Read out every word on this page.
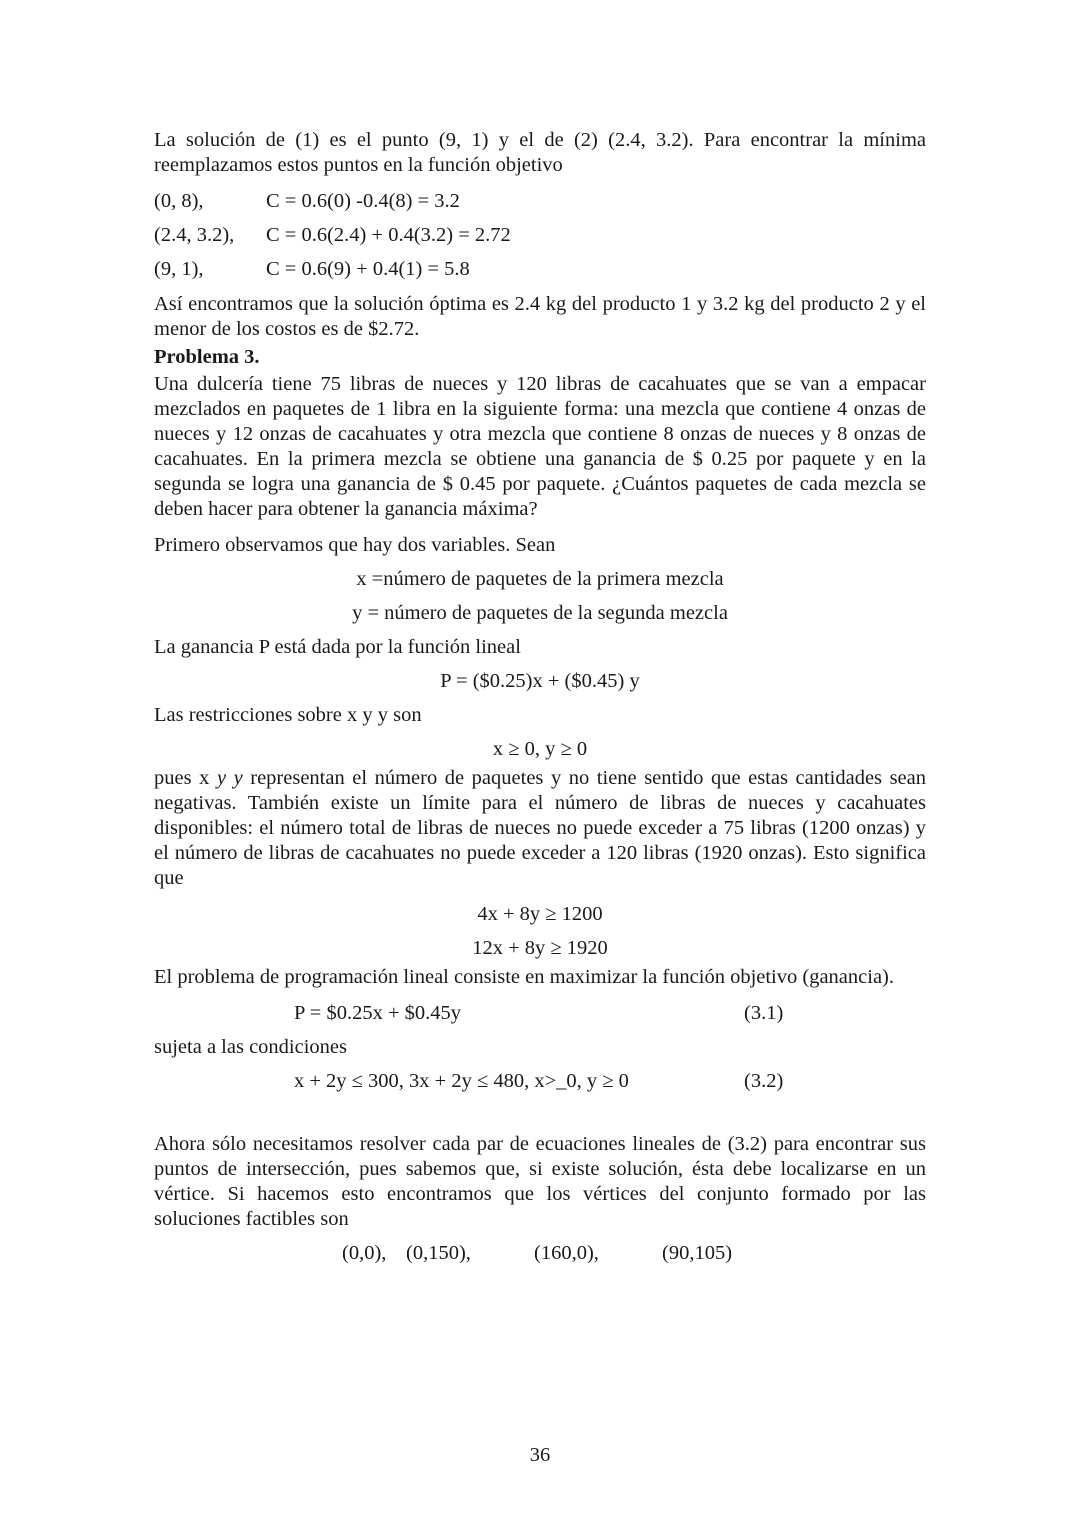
La solución de (1) es el punto (9, 1) y el de (2) (2.4, 3.2). Para encontrar la mínima reemplazamos estos puntos en la función objetivo

(0, 8),	C = 0.6(0) -0.4(8) = 3.2
(2.4, 3.2),	C = 0.6(2.4) + 0.4(3.2) = 2.72
(9, 1),	C = 0.6(9) + 0.4(1) = 5.8

Así encontramos que la solución óptima es 2.4 kg del producto 1 y 3.2 kg del producto 2 y el menor de los costos es de $2.72.

Problema 3.

Una dulcería tiene 75 libras de nueces y 120 libras de cacahuates que se van a empacar mezclados en paquetes de 1 libra en la siguiente forma: una mezcla que contiene 4 onzas de nueces y 12 onzas de cacahuates y otra mezcla que contiene 8 onzas de nueces y 8 onzas de cacahuates. En la primera mezcla se obtiene una ganancia de $ 0.25 por paquete y en la segunda se logra una ganancia de $ 0.45 por paquete. ¿Cuántos paquetes de cada mezcla se deben hacer para obtener la ganancia máxima?

Primero observamos que hay dos variables. Sean
x =número de paquetes de la primera mezcla
y = número de paquetes de la segunda mezcla
La ganancia P está dada por la función lineal
P = ($0.25)x + ($0.45) y
Las restricciones sobre x y y son
x ≥ 0, y ≥ 0

pues x y y representan el número de paquetes y no tiene sentido que estas cantidades sean negativas. También existe un límite para el número de libras de nueces y cacahuates disponibles: el número total de libras de nueces no puede exceder a 75 libras (1200 onzas) y el número de libras de cacahuates no puede exceder a 120 libras (1920 onzas). Esto significa que

4x + 8y ≥ 1200
12x + 8y ≥ 1920

El problema de programación lineal consiste en maximizar la función objetivo (ganancia).

P = $0.25x + $0.45y	(3.1)
sujeta a las condiciones
x + 2y ≤ 300, 3x + 2y ≤ 480, x>_0, y ≥ 0	(3.2)

Ahora sólo necesitamos resolver cada par de ecuaciones lineales de (3.2) para encontrar sus puntos de intersección, pues sabemos que, si existe solución, ésta debe localizarse en un vértice. Si hacemos esto encontramos que los vértices del conjunto formado por las soluciones factibles son

(0,0), (0,150),	(160,0),	(90,105)
36
